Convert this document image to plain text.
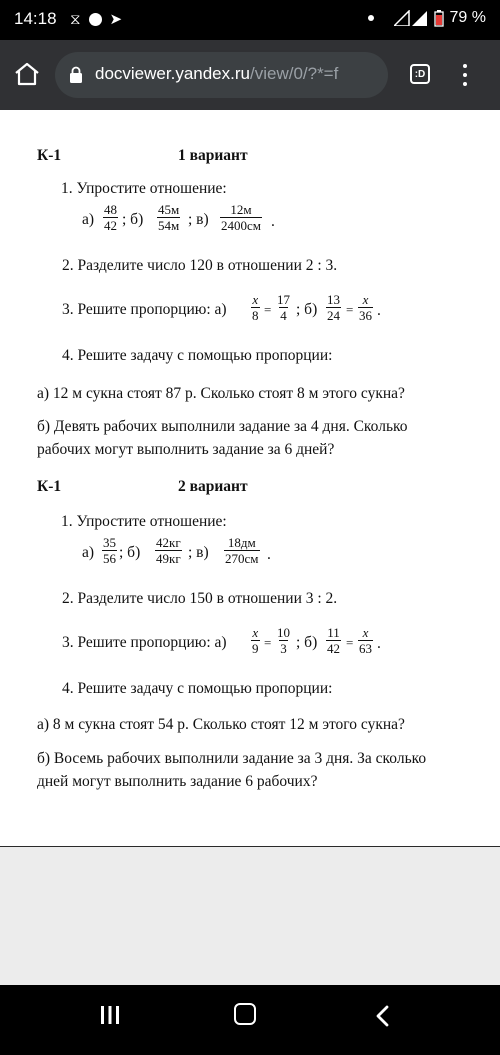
14:18 ⧖ ➤	79 %
docviewer.yandex.ru/view/0/?*=f	:D
К-1	1 вариант
1. Упростите отношение:
$а) \frac{48}{42}$ ; б)
45м
54м ; в)
12м
2400см .
2. Разделите число 120 в отношении 2 : 3.
3. Решите пропорцию: $а) \frac{x}{8} = \frac{17}{4}$ ; $б) \frac{13}{24} = \frac{x}{36}$ .
4. Решите задачу с помощью пропорции:
а) 12 м сукна стоят 87 р. Сколько стоят 8 м этого сукна?
б) Девять рабочих выполнили задание за 4 дня. Сколько
рабочих могут выполнить задание за 6 дней?
К-1	2 вариант
1. Упростите отношение:
$а) \frac{35}{56}$ ; б)
42кг
49кг ; в)
18дм
270см .
2. Разделите число 150 в отношении 3 : 2.
3. Решите пропорцию: $а) \frac{x}{9} = \frac{10}{3}$ ; $б) \frac{11}{42} = \frac{x}{63}$ .
4. Решите задачу с помощью пропорции:
а) 8 м сукна стоят 54 р. Сколько стоят 12 м этого сукна?
б) Восемь рабочих выполнили задание за 3 дня. За сколько
дней могут выполнить задание 6 рабочих?
